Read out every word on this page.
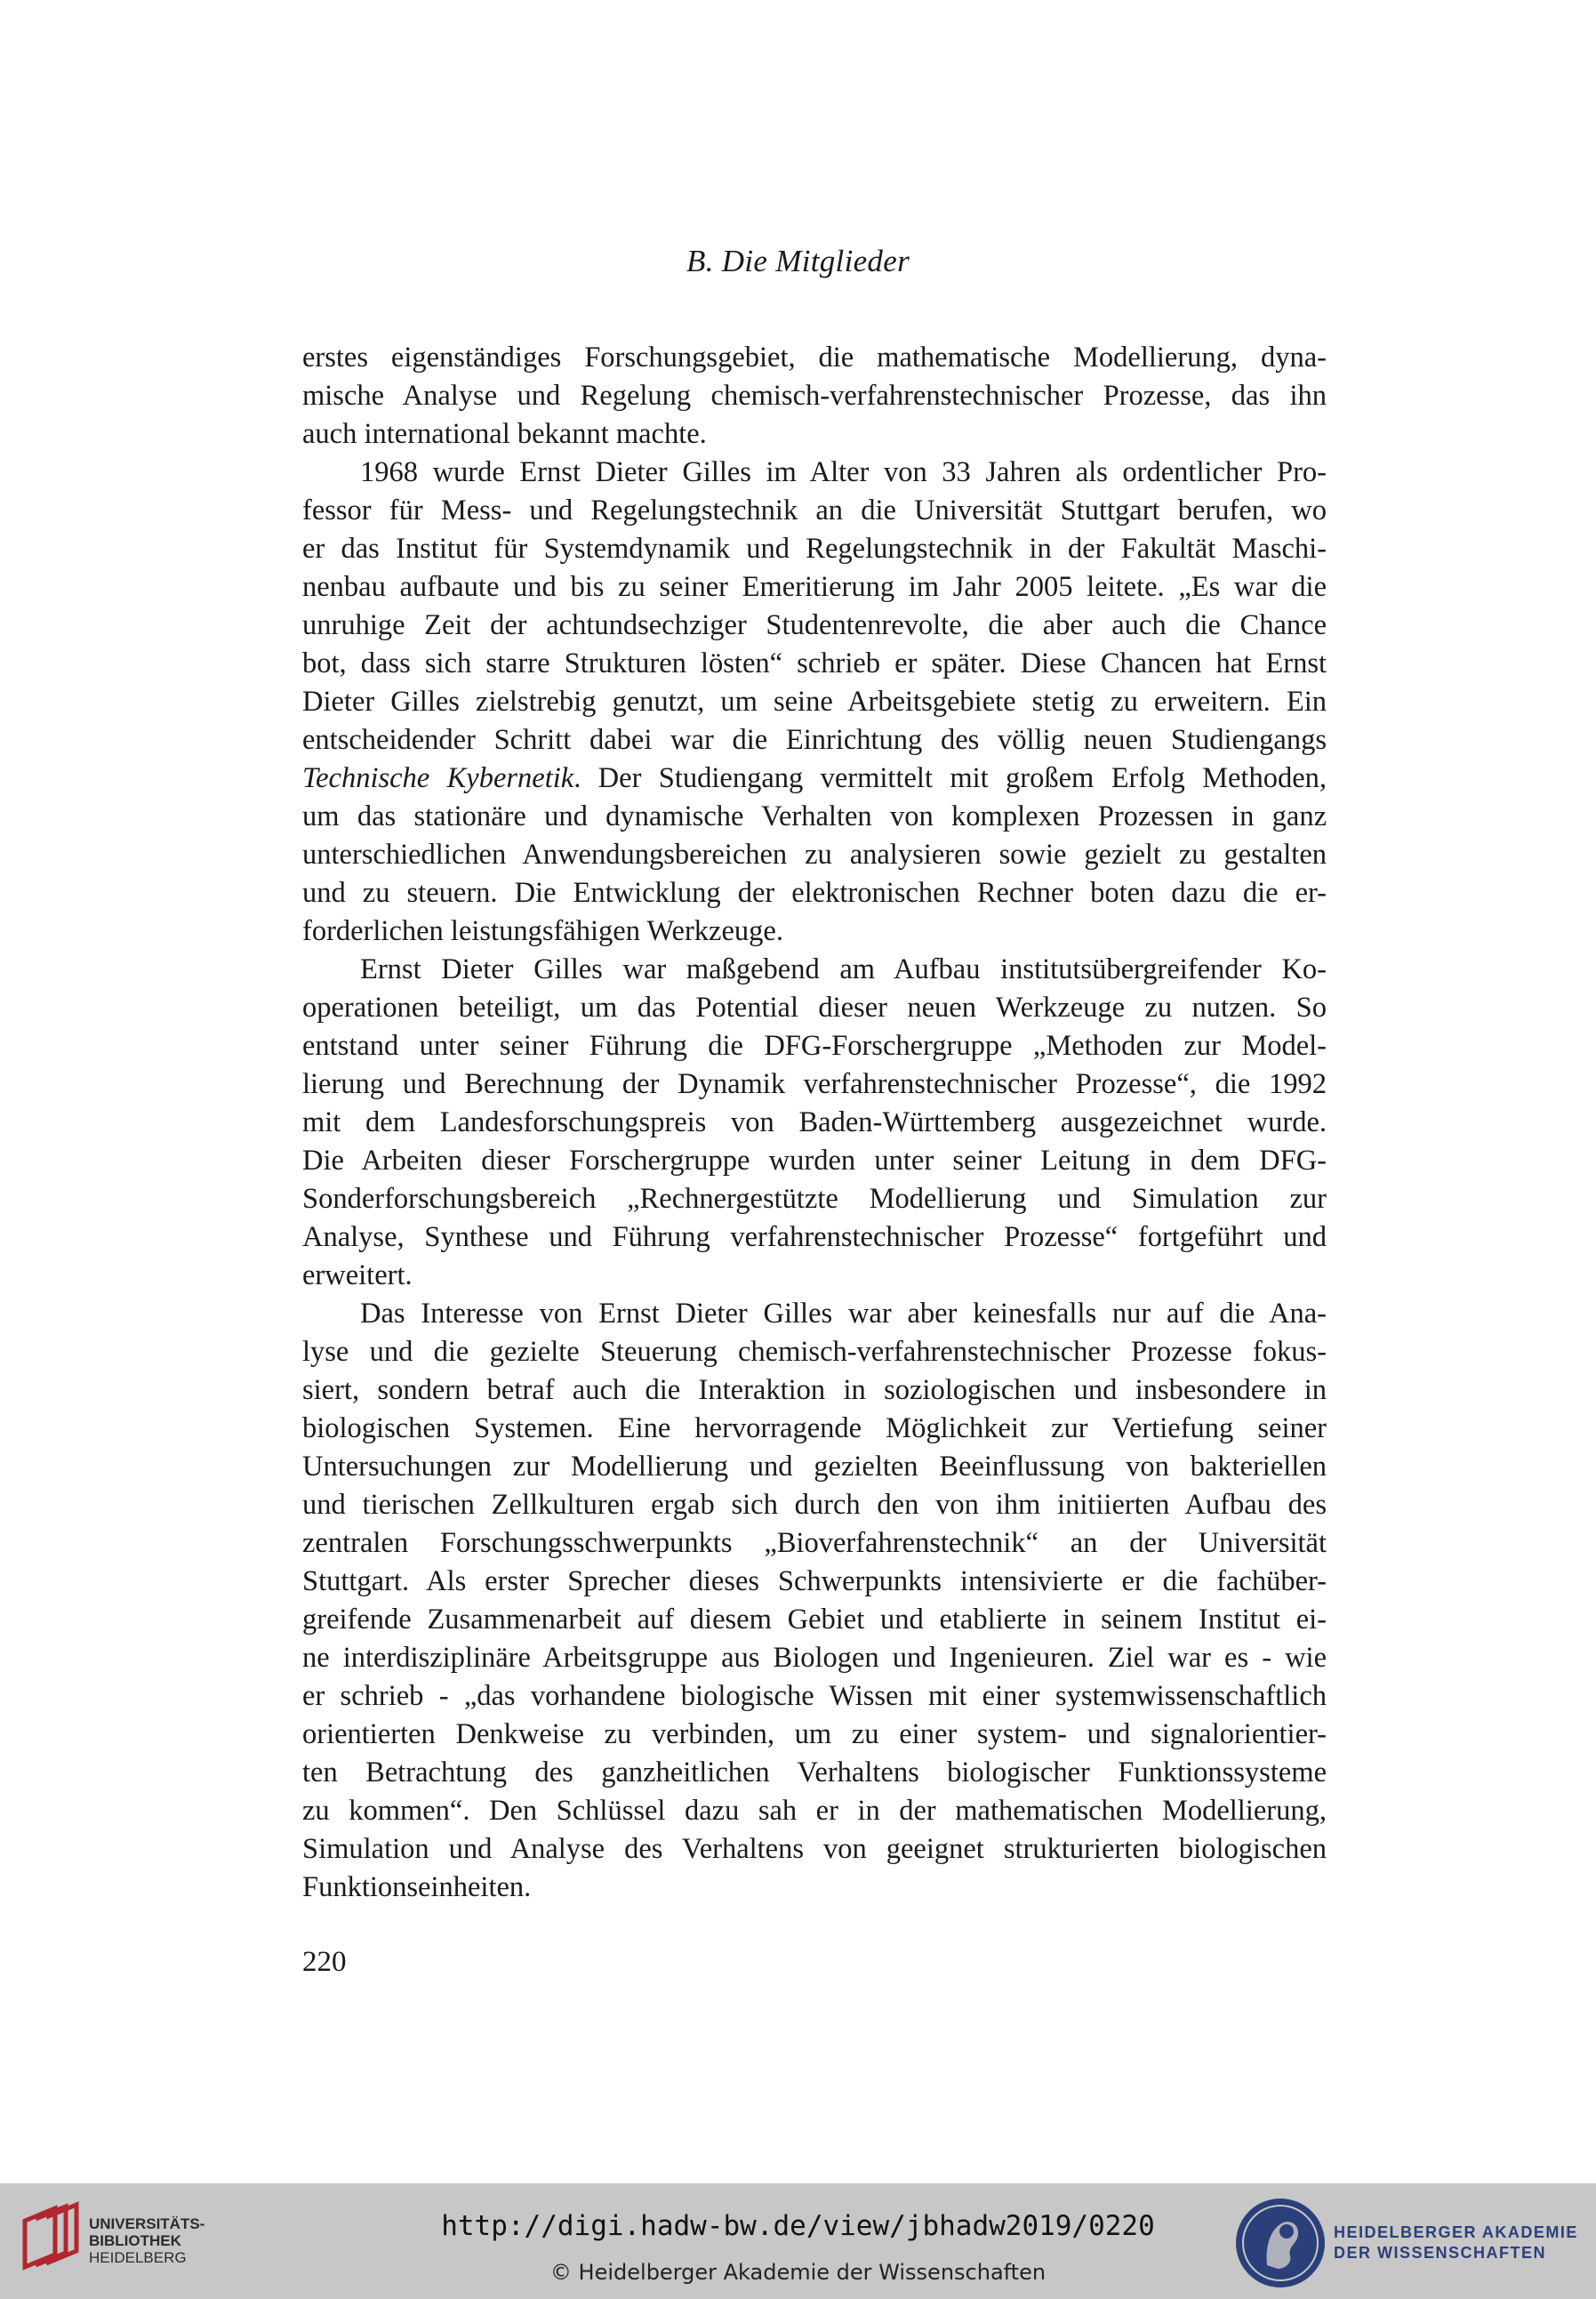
B. Die Mitglieder
erstes eigenständiges Forschungsgebiet, die mathematische Modellierung, dyna-
mische Analyse und Regelung chemisch-verfahrenstechnischer Prozesse, das ihn
auch international bekannt machte.
1968 wurde Ernst Dieter Gilles im Alter von 33 Jahren als ordentlicher Pro-
fessor für Mess- und Regelungstechnik an die Universität Stuttgart berufen, wo
er das Institut für Systemdynamik und Regelungstechnik in der Fakultät Maschi-
nenbau aufbaute und bis zu seiner Emeritierung im Jahr 2005 leitete. „Es war die
unruhige Zeit der achtundsechziger Studentenrevolte, die aber auch die Chance
bot, dass sich starre Strukturen lösten“ schrieb er später. Diese Chancen hat Ernst
Dieter Gilles zielstrebig genutzt, um seine Arbeitsgebiete stetig zu erweitern. Ein
entscheidender Schritt dabei war die Einrichtung des völlig neuen Studiengangs
Technische Kybernetik. Der Studiengang vermittelt mit großem Erfolg Methoden,
um das stationäre und dynamische Verhalten von komplexen Prozessen in ganz
unterschiedlichen Anwendungsbereichen zu analysieren sowie gezielt zu gestalten
und zu steuern. Die Entwicklung der elektronischen Rechner boten dazu die er-
forderlichen leistungsfähigen Werkzeuge.
Ernst Dieter Gilles war maßgebend am Aufbau institutsübergreifender Ko-
operationen beteiligt, um das Potential dieser neuen Werkzeuge zu nutzen. So
entstand unter seiner Führung die DFG-Forschergruppe „Methoden zur Model-
lierung und Berechnung der Dynamik verfahrenstechnischer Prozesse“, die 1992
mit dem Landesforschungspreis von Baden-Württemberg ausgezeichnet wurde.
Die Arbeiten dieser Forschergruppe wurden unter seiner Leitung in dem DFG-
Sonderforschungsbereich „Rechnergestützte Modellierung und Simulation zur
Analyse, Synthese und Führung verfahrenstechnischer Prozesse“ fortgeführt und
erweitert.
Das Interesse von Ernst Dieter Gilles war aber keinesfalls nur auf die Ana-
lyse und die gezielte Steuerung chemisch-verfahrenstechnischer Prozesse fokus-
siert, sondern betraf auch die Interaktion in soziologischen und insbesondere in
biologischen Systemen. Eine hervorragende Möglichkeit zur Vertiefung seiner
Untersuchungen zur Modellierung und gezielten Beeinflussung von bakteriellen
und tierischen Zellkulturen ergab sich durch den von ihm initiierten Aufbau des
zentralen Forschungsschwerpunkts „Bioverfahrenstechnik“ an der Universität
Stuttgart. Als erster Sprecher dieses Schwerpunkts intensivierte er die fachüber-
greifende Zusammenarbeit auf diesem Gebiet und etablierte in seinem Institut ei-
ne interdisziplinäre Arbeitsgruppe aus Biologen und Ingenieuren. Ziel war es - wie
er schrieb - „das vorhandene biologische Wissen mit einer systemwissenschaftlich
orientierten Denkweise zu verbinden, um zu einer system- und signalorientier-
ten Betrachtung des ganzheitlichen Verhaltens biologischer Funktionssysteme
zu kommen“. Den Schlüssel dazu sah er in der mathematischen Modellierung,
Simulation und Analyse des Verhaltens von geeignet strukturierten biologischen
Funktionseinheiten.
220
UNIVERSITÄTS-
BIBLIOTHEK
HEIDELBERG
http://digi.hadw-bw.de/view/jbhadw2019/0220
© Heidelberger Akademie der Wissenschaften
HEIDELBERGER AKADEMIE
DER WISSENSCHAFTEN
